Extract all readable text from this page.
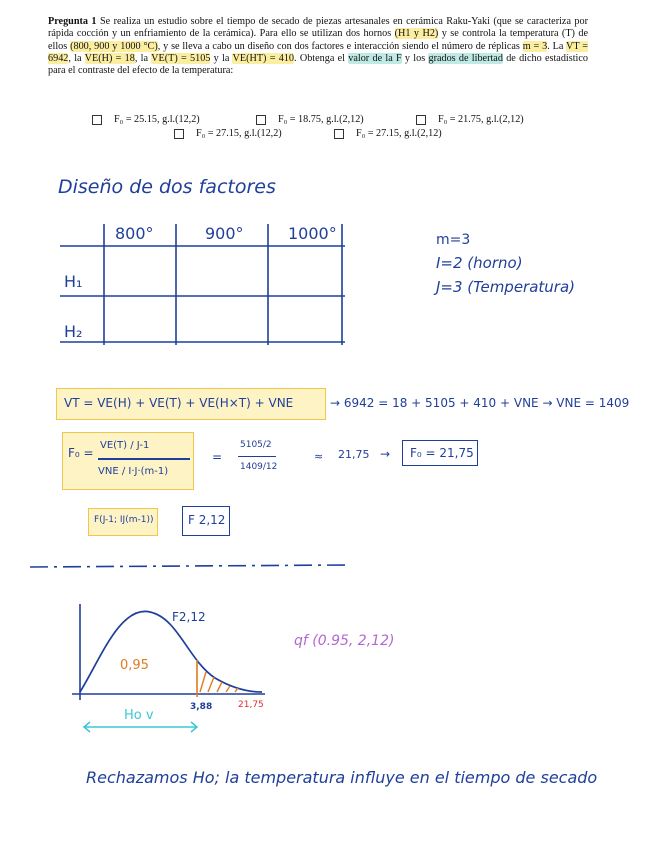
Pregunta 1 Se realiza un estudio sobre el tiempo de secado de piezas artesanales en cerámica Raku-Yaki (que se caracteriza por rápida cocción y un enfriamiento de la cerámica). Para ello se utilizan dos hornos (H1 y H2) y se controla la temperatura (T) de ellos (800, 900 y 1000 °C), y se lleva a cabo un diseño con dos factores e interacción siendo el número de réplicas m = 3. La VT = 6942, la VE(H) = 18, la VE(T) = 5105 y la VE(HT) = 410. Obtenga el valor de la F y los grados de libertad de dicho estadístico para el contraste del efecto de la temperatura:
F₀ = 25.15, g.l.(12,2)	F₀ = 18.75, g.l.(2,12)	F₀ = 21.75, g.l.(2,12)
F₀ = 27.15, g.l.(12,2)	F₀ = 27.15, g.l.(2,12)
Diseño de dos factores
800°	900°	1000°
H₁
H₂
m=3
I=2 (horno)
J=3 (Temperatura)
VT = VE(H) + VE(T) + VE(H×T) + VNE	→ 6942 = 18 + 5105 + 410 + VNE → VNE = 1409
F₀ =
VE(T) / J-1
VNE / I·J·(m-1)
=
5105/2
1409/12
≈ 21,75 → F₀ = 21,75
F(J-1; IJ(m-1))	F 2,12
F2,12
0,95
3,88	21,75
Ho v
qf (0.95, 2,12)
Rechazamos Ho; la temperatura influye en el tiempo de secado
